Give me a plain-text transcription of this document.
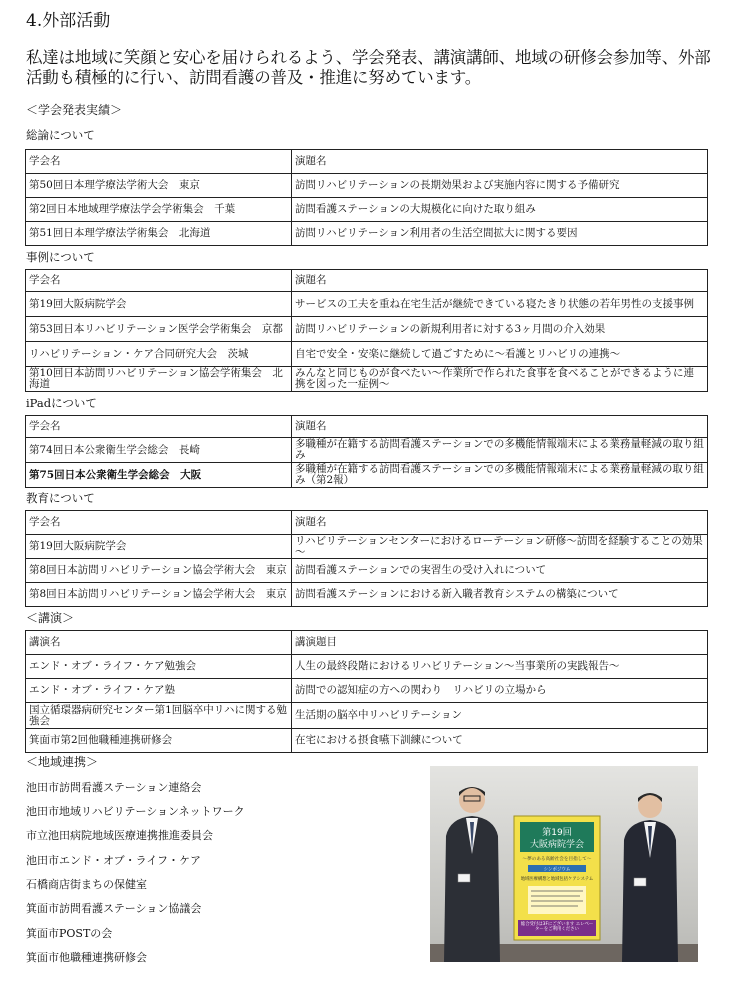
4.外部活動
私達は地域に笑顔と安心を届けられるよう、学会発表、講演講師、地域の研修会参加等、外部活動も積極的に行い、訪問看護の普及・推進に努めています。
＜学会発表実績＞
総論について
学会名	演題名
第50回日本理学療法学術大会　東京	訪問リハビリテーションの長期効果および実施内容に関する予備研究
第2回日本地域理学療法学会学術集会　千葉	訪問看護ステーションの大規模化に向けた取り組み
第51回日本理学療法学術集会　北海道	訪問リハビリテーション利用者の生活空間拡大に関する要因
事例について
学会名	演題名
第19回大阪病院学会	サービスの工夫を重ね在宅生活が継続できている寝たきり状態の若年男性の支援事例
第53回日本リハビリテーション医学会学術集会　京都	訪問リハビリテーションの新規利用者に対する3ヶ月間の介入効果
リハビリテーション・ケア合同研究大会　茨城	自宅で安全・安楽に継続して過ごすために～看護とリハビリの連携～
第10回日本訪問リハビリテーション協会学術集会　北海道	みんなと同じものが食べたい～作業所で作られた食事を食べることができるように連携を図った一症例～
iPadについて
学会名	演題名
第74回日本公衆衛生学会総会　長崎	多職種が在籍する訪問看護ステーションでの多機能情報端末による業務量軽減の取り組み
第75回日本公衆衛生学会総会　大阪	多職種が在籍する訪問看護ステーションでの多機能情報端末による業務量軽減の取り組み（第2報）
教育について
学会名	演題名
第19回大阪病院学会	リハビリテーションセンターにおけるローテーション研修～訪問を経験することの効果～
第8回日本訪問リハビリテーション協会学術大会　東京	訪問看護ステーションでの実習生の受け入れについて
第8回日本訪問リハビリテーション協会学術大会　東京	訪問看護ステーションにおける新入職者教育システムの構築について
＜講演＞
講演名	講演題目
エンド・オブ・ライフ・ケア勉強会	人生の最終段階におけるリハビリテーション～当事業所の実践報告～
エンド・オブ・ライフ・ケア塾	訪問での認知症の方への関わり　リハビリの立場から
国立循環器病研究センター第1回脳卒中リハに関する勉強会	生活期の脳卒中リハビリテーション
箕面市第2回他職種連携研修会	在宅における摂食嚥下訓練について
＜地域連携＞
池田市訪問看護ステーション連絡会
池田市地域リハビリテーションネットワーク
市立池田病院地域医療連携推進委員会
池田市エンド・オブ・ライフ・ケア
石橋商店街まちの保健室
箕面市訪問看護ステーション協議会
箕面市POSTの会
箕面市他職種連携研修会
第19回
大阪病院学会
～夢のある高齢社会を目指して～
シンポジウム
地域医療構想と地域包括ケアシステム
総合受付は3Fにございます エレベーターをご利用ください
